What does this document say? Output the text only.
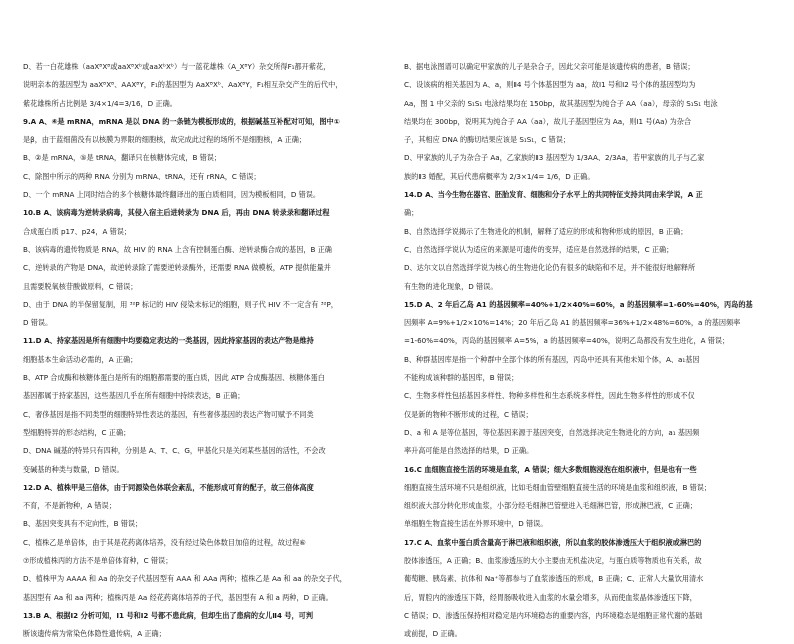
D、若一白花雄株（aaXᴮXᴮ或aaXᴮXᵇ或aaXᵇXᵇ）与一蓝花雄株（A_XᴮY）杂交所得F₁都开紫花，
说明亲本的基因型为 aaXᴮXᴮ、AAXᴮY，F₁的基因型为 AaXᴮXᵇ、AaXᴮY，F₁相互杂交产生的后代中，
紫花雄株所占比例是 3/4×1/4=3/16，D 正确。
9.A A、④是 mRNA，mRNA 是以 DNA 的一条链为模板形成的，根据碱基互补配对可知，图中①
是β，由于蓝细菌没有以核膜为界限的细胞核，故完成此过程的场所不是细胞核，A 正确；
B、②是 mRNA，⑤是 tRNA，翻译只在核糖体完成，B 错误；
C、除图中所示的两种 RNA 分别为 mRNA、tRNA，还有 rRNA，C 错误；
D、一个 mRNA 上同时结合的多个核糖体最终翻译出的蛋白质相同，因为模板相同，D 错误。
10.B A、该病毒为逆转录病毒，其侵入宿主后进转录为 DNA 后，再由 DNA 转录录和翻译过程
合成蛋白质 p17、p24，A 错误；
B、该病毒的遗传物质是 RNA，故 HIV 的 RNA 上含有控制蛋白酶、逆转录酶合成的基因，B 正确
C、逆转录的产物是 DNA，故逆转录除了需要逆转录酶外，还需要 RNA 做模板，ATP 提供能量并
且需要脱氧核苷酸做原料，C 错误；
D、由于 DNA 的半保留复制，用 ³²P 标记的 HIV 侵染未标记的细胞，则子代 HIV 不一定含有 ³²P，
D 错误。
11.D A、持家基因是所有细胞中均要稳定表达的一类基因，因此持家基因的表达产物是维持
细胞基本生命活动必需的，A 正确；
B、ATP 合成酶和核糖体蛋白是所有的细胞都需要的蛋白质，因此 ATP 合成酶基因、核糖体蛋白
基因都属于持家基因，这些基因几乎在所有细胞中持续表达，B 正确；
C、奢侈基因是指不同类型的细胞特异性表达的基因，有些奢侈基因的表达产物可赋予不同类
型细胞特异的形态结构，C 正确；
D、DNA 碱基的特异只有四种，分别是 A、T、C、G，甲基化只是关闭某些基因的活性，不会改
变碱基的种类与数量，D 错误。
12.D A、植株甲是三倍体，由于同源染色体联会紊乱，不能形成可育的配子，故三倍体高度
不育，不是新物种，A 错误；
B、基因突变具有不定向性，B 错误；
C、植株乙是单倍体，由于其是花药离体培养，没有经过染色体数目加倍的过程，故过程⑥
⑦形成植株丙的方法不是单倍体育种，C 错误；
D、植株甲为 AAAA 和 Aa 的杂交子代基因型有 AAA 和 AAa 两种；植株乙是 Aa 和 aa 的杂交子代，
基因型有 Aa 和 aa 两种；植株丙是 Aa 经花药离体培养的子代，基因型有 A 和 a 两种，D 正确。
13.B A、根据Ⅰ2 分析可知，Ⅰ1 号和Ⅰ2 号都不患此病，但却生出了患病的女儿Ⅱ4 号，可判
断该遗传病为常染色体隐性遗传病，A 正确；
B、据电泳图谱可以确定甲家族的儿子是杂合子，因此父亲可能是该遗传病的患者，B 错误；
C、设该病的相关基因为 A、a，则Ⅱ4 号个体基因型为 aa，故Ⅰ1 号和Ⅰ2 号个体的基因型均为
Aa，图 1 中父亲的 S₁S₁ 电泳结果均在 150bp，故其基因型为纯合子 AA（aa），母亲的 S₁S₁ 电泳
结果均在 300bp，说明其为纯合子 AA（aa），故儿子基因型应为 Aa，则Ⅰ1 号(Aa) 为杂合
子，其相应 DNA 的酶切结果应该是 S₁S₁，C 错误；
D、甲家族的儿子为杂合子 Aa，乙家族的Ⅱ3 基因型为 1/3AA、2/3Aa，若甲家族的儿子与乙家
族的Ⅱ3 婚配，其后代患病概率为 2/3×1/4= 1/6，D 正确。
14.D A、当今生物在器官、胚胎发育、细胞和分子水平上的共同特征支持共同由来学说，A 正
确；
B、自然选择学说揭示了生物进化的机制，解释了适应的形成和物种形成的原因，B 正确；
C、自然选择学说认为适应的来源是可遗传的变异，适应是自然选择的结果，C 正确；
D、达尔文以自然选择学说为核心的生物进化论仍有很多的缺陷和不足，并不能很好地解释所
有生物的进化现象，D 错误。
15.D A、2 年后乙岛 A1 的基因频率=40%+1/2×40%=60%，a 的基因频率=1-60%=40%，丙岛的基
因频率 A=9%+1/2×10%=14%；20 年后乙岛 A1 的基因频率=36%+1/2×48%=60%，a 的基因频率
=1-60%=40%，丙岛的基因频率 A=5%，a 的基因频率=40%，说明乙岛都没有发生进化，A 错误；
B、种群基因库是指一个种群中全部个体的所有基因，丙岛中还具有其他未知个体，A、a₁基因
不能构成该种群的基因库，B 错误；
C、生物多样性包括基因多样性、物种多样性和生态系统多样性，因此生物多样性的形成不仅
仅是新的物种不断形成的过程，C 错误；
D、a 和 A 是等位基因，等位基因来源于基因突变，自然选择决定生物进化的方向，a₁ 基因频
率升高可能是自然选择的结果，D 正确。
16.C 血细胞直接生活的环境是血浆，A 错误；细大多数细胞浸泡在组织液中，但是也有一些
细胞直接生活环境不只是组织液，比如毛细血管壁细胞直接生活的环境是血浆和组织液，B 错误；
组织液大部分转化形成血浆，小部分经毛细淋巴管壁进入毛细淋巴管，形成淋巴液，C 正确；
单细胞生物直接生活在外界环境中，D 错误。
17.C A、血浆中蛋白质含量高于淋巴液和组织液，所以血浆的胶体渗透压大于组织液或淋巴的
胶体渗透压，A 正确；B、血浆渗透压的大小主要由无机盐决定，与蛋白质等物质也有关系，故
葡萄糖、胰岛素、抗体和 Na⁺等都参与了血浆渗透压的形成，B 正确；C、正常人大量饮用清水
后，胃腔内的渗透压下降，经胃肠吸收进入血浆的水量会增多，从而使血浆晶体渗透压下降，
C 错误；D、渗透压保持相对稳定是内环境稳态的重要内容，内环境稳态是细胞正常代谢的基础
或前提，D 正确。
